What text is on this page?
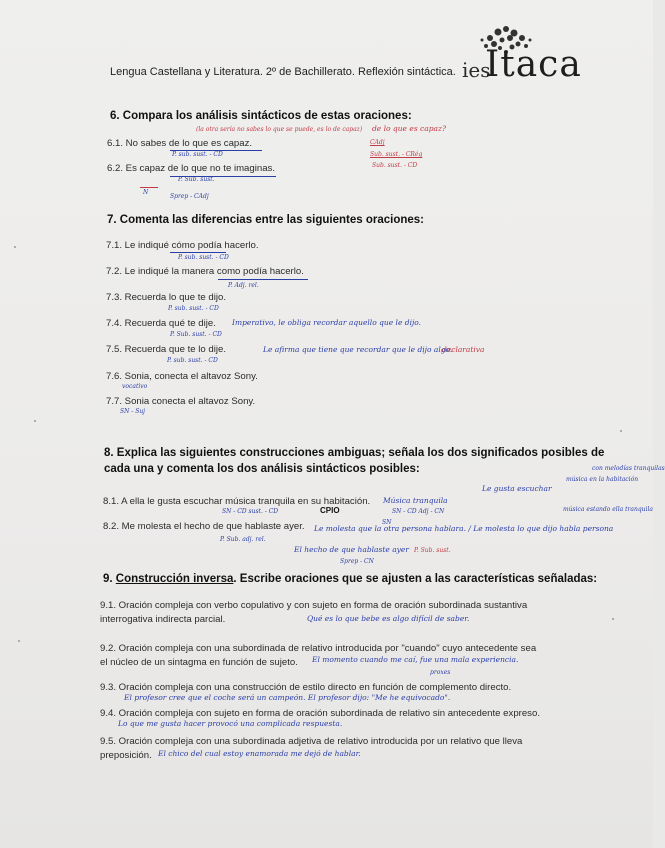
Lengua Castellana y Literatura. 2º de Bachillerato. Reflexión sintáctica. ies
Itaca
6. Compara los análisis sintácticos de estas oraciones:
(la otra sería no sabes lo que se puede, es lo de capaz) de lo que es capaz?
6.1. No sabes de lo que es capaz.	CAdj
Sub. sust. - CRég
Sub. sust. - CD
P. sub. sust. - CD
6.2. Es capaz de lo que no te imaginas.
P. Sub. sust.
N
Sprep - CAdj
7. Comenta las diferencias entre las siguientes oraciones:
7.1. Le indiqué cómo podía hacerlo.
P. sub. sust. - CD
7.2. Le indiqué la manera como podía hacerlo.
P. Adj. rel.
7.3. Recuerda lo que te dijo.
P. sub. sust. - CD
7.4. Recuerda qué te dije. Imperativo, le obliga recordar aquello que le dijo.
P. Sub. sust. - CD
7.5. Recuerda que te lo dije.	Le afirma que tiene que recordar que le dijo algo.
declarativa
P. sub. sust. - CD
7.6. Sonia, conecta el altavoz Sony.
vocativo
7.7. Sonia conecta el altavoz Sony.
SN - Suj
8. Explica las siguientes construcciones ambiguas; señala los dos significados posibles de
cada una y comenta los dos análisis sintácticos posibles:	con melodías tranquilas
música en la habitación
Le gusta escuchar
8.1. A ella le gusta escuchar música tranquila en su habitación. Música tranquila
SN - CD Adj - CN	música estando ella tranquila
SN - CD sust. - CD	CPIO
8.2. Me molesta el hecho de que hablaste ayer. Le molesta que la otra persona hablara. / Le molesta lo que dijo habla persona
SN
P. Sub. adj. rel.
El hecho de que hablaste ayer P. Sub. sust.
Sprep - CN
9. Construcción inversa. Escribe oraciones que se ajusten a las características señaladas:
9.1. Oración compleja con verbo copulativo y con sujeto en forma de oración subordinada sustantiva
interrogativa indirecta parcial.	Qué es lo que bebe es algo difícil de saber.
9.2. Oración compleja con una subordinada de relativo introducida por "cuando" cuyo antecedente sea
el núcleo de un sintagma en función de sujeto. El momento cuando me caí, fue una mala experiencia.
proxes
9.3. Oración compleja con una construcción de estilo directo en función de complemento directo.
El profesor cree que el coche será un campeón. El profesor dijo: "Me he equivocado".
9.4. Oración compleja con sujeto en forma de oración subordinada de relativo sin antecedente expreso.
Lo que me gusta hacer provocó una complicada respuesta.
9.5. Oración compleja con una subordinada adjetiva de relativo introducida por un relativo que lleva
preposición. El chico del cual estoy enamorada me dejó de hablar.
